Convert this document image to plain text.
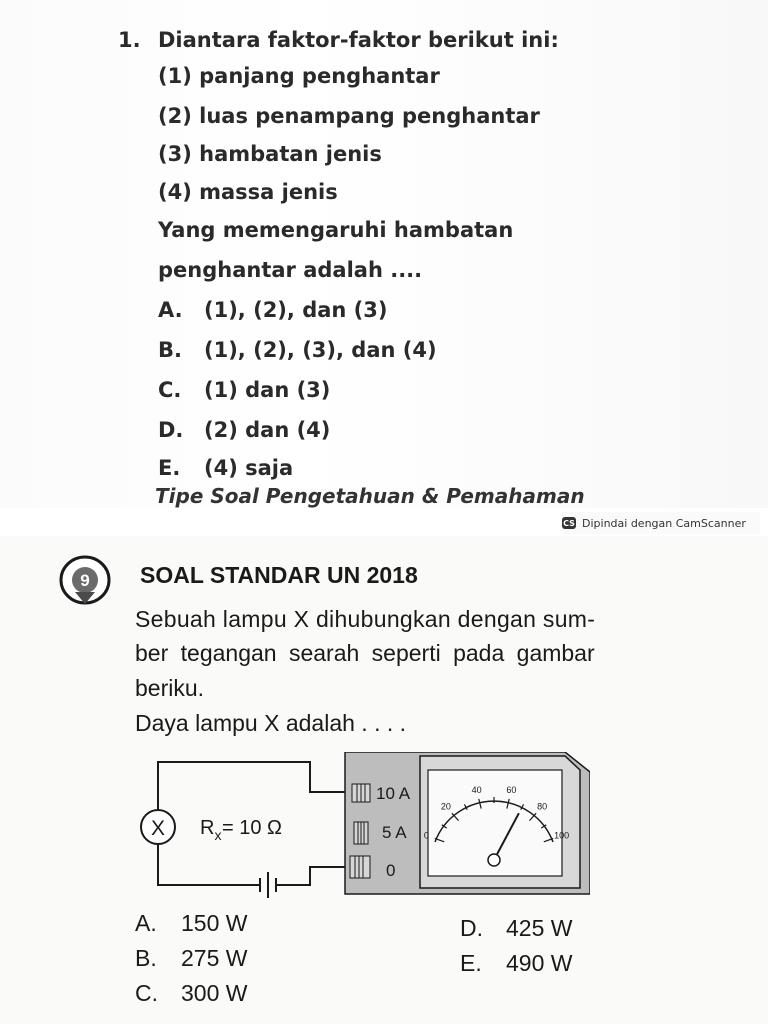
1. Diantara faktor-faktor berikut ini:
(1) panjang penghantar
(2) luas penampang penghantar
(3) hambatan jenis
(4) massa jenis
Yang memengaruhi hambatan
penghantar adalah ....
A. (1), (2), dan (3)
B. (1), (2), (3), dan (4)
C. (1) dan (3)
D. (2) dan (4)
E. (4) saja
Tipe Soal Pengetahuan & Pemahaman
CS Dipindai dengan CamScanner
9 SOAL STANDAR UN 2018
Sebuah lampu X dihubungkan dengan sum-
ber tegangan searah seperti pada gambar
beriku.
Daya lampu X adalah . . . .
X $R_x = 10$ Ω
10 A
5 A
0
0
20
40	60
80
100
A. 150 W
B. 275 W
C. 300 W
D. 425 W
E. 490 W
